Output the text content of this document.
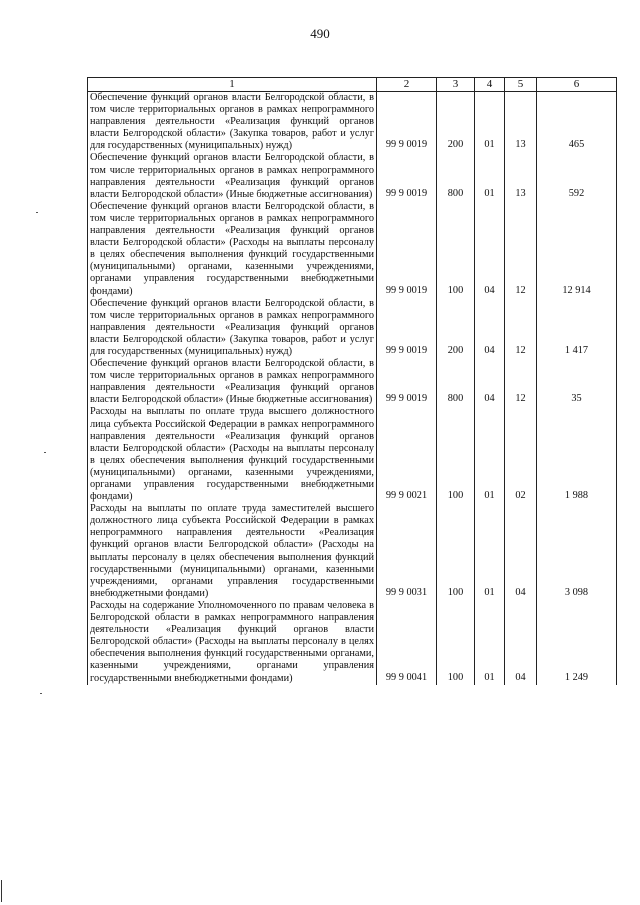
490
1	2	3	4	5	6
Обеспечение функций органов власти Белгородской области, в том числе территориальных органов в рамках непрограммного направления деятельности «Реализация функций органов власти Белгородской области» (Закупка товаров, работ и услуг для государственных (муниципальных) нужд)	99 9 0019	200	01	13	465
Обеспечение функций органов власти Белгородской области, в том числе территориальных органов в рамках непрограммного направления деятельности «Реализация функций органов власти Белгородской области» (Иные бюджетные ассигнования)	99 9 0019	800	01	13	592
Обеспечение функций органов власти Белгородской области, в том числе территориальных органов в рамках непрограммного направления деятельности «Реализация функций органов власти Белгородской области» (Расходы на выплаты персоналу в целях обеспечения выполнения функций государственными (муниципальными) органами, казенными учреждениями, органами управления государственными внебюджетными фондами)	99 9 0019	100	04	12	12 914
Обеспечение функций органов власти Белгородской области, в том числе территориальных органов в рамках непрограммного направления деятельности «Реализация функций органов власти Белгородской области» (Закупка товаров, работ и услуг для государственных (муниципальных) нужд)	99 9 0019	200	04	12	1 417
Обеспечение функций органов власти Белгородской области, в том числе территориальных органов в рамках непрограммного направления деятельности «Реализация функций органов власти Белгородской области» (Иные бюджетные ассигнования)	99 9 0019	800	04	12	35
Расходы на выплаты по оплате труда высшего должностного лица субъекта Российской Федерации в рамках непрограммного направления деятельности «Реализация функций органов власти Белгородской области» (Расходы на выплаты персоналу в целях обеспечения выполнения функций государственными (муниципальными) органами, казенными учреждениями, органами управления государственными внебюджетными фондами)	99 9 0021	100	01	02	1 988
Расходы на выплаты по оплате труда заместителей высшего должностного лица субъекта Российской Федерации в рамках непрограммного направления деятельности «Реализация функций органов власти Белгородской области» (Расходы на выплаты персоналу в целях обеспечения выполнения функций государственными (муниципальными) органами, казенными учреждениями, органами управления государственными внебюджетными фондами)	99 9 0031	100	01	04	3 098
Расходы на содержание Уполномоченного по правам человека в Белгородской области в рамках непрограммного направления деятельности «Реализация функций органов власти Белгородской области» (Расходы на выплаты персоналу в целях обеспечения выполнения функций государственными органами, казенными учреждениями, органами управления государственными внебюджетными фондами)	99 9 0041	100	01	04	1 249
